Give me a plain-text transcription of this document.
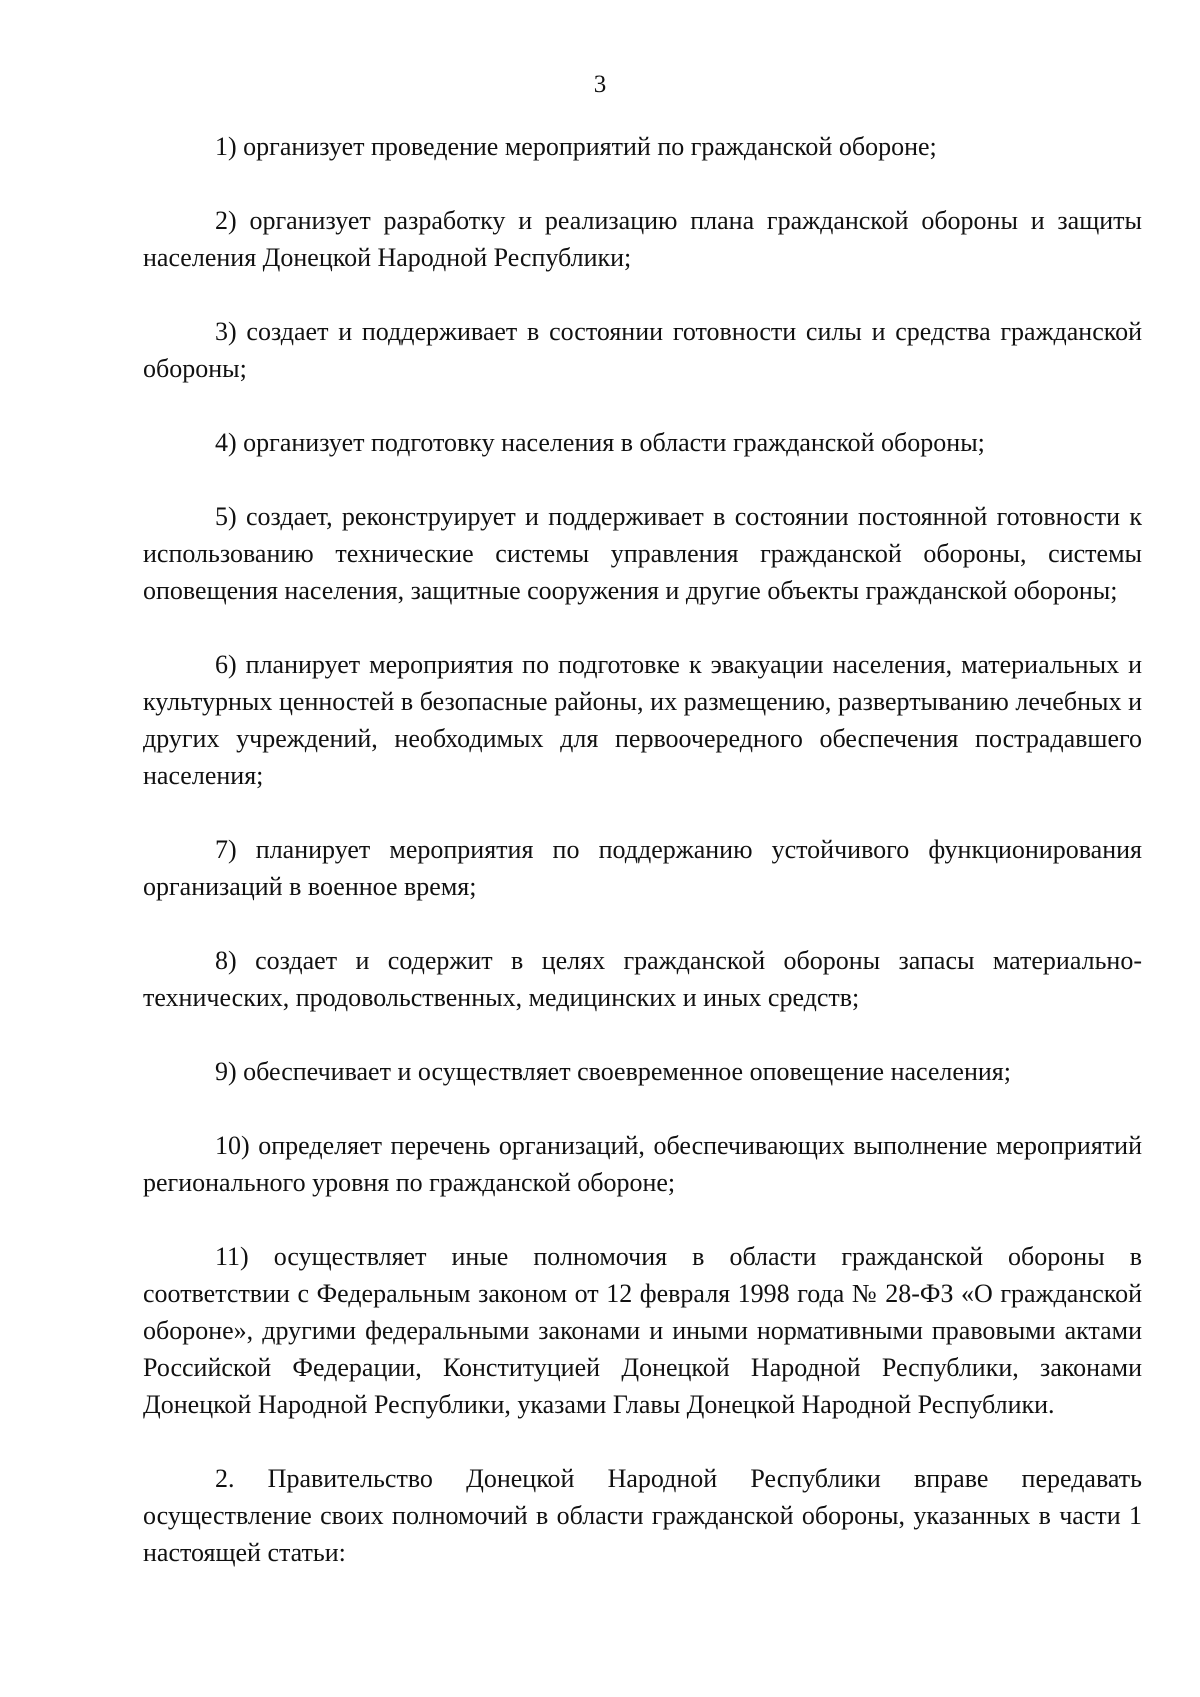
3

1) организует проведение мероприятий по гражданской обороне;

2) организует разработку и реализацию плана гражданской обороны и защиты населения Донецкой Народной Республики;

3) создает и поддерживает в состоянии готовности силы и средства гражданской обороны;

4) организует подготовку населения в области гражданской обороны;

5) создает, реконструирует и поддерживает в состоянии постоянной готовности к использованию технические системы управления гражданской обороны, системы оповещения населения, защитные сооружения и другие объекты гражданской обороны;

6) планирует мероприятия по подготовке к эвакуации населения, материальных и культурных ценностей в безопасные районы, их размещению, развертыванию лечебных и других учреждений, необходимых для первоочередного обеспечения пострадавшего населения;

7) планирует мероприятия по поддержанию устойчивого функционирования организаций в военное время;

8) создает и содержит в целях гражданской обороны запасы материально-технических, продовольственных, медицинских и иных средств;

9) обеспечивает и осуществляет своевременное оповещение населения;

10) определяет перечень организаций, обеспечивающих выполнение мероприятий регионального уровня по гражданской обороне;

11) осуществляет иные полномочия в области гражданской обороны в соответствии с Федеральным законом от 12 февраля 1998 года № 28-ФЗ «О гражданской обороне», другими федеральными законами и иными нормативными правовыми актами Российской Федерации, Конституцией Донецкой Народной Республики, законами Донецкой Народной Республики, указами Главы Донецкой Народной Республики.

2. Правительство Донецкой Народной Республики вправе передавать осуществление своих полномочий в области гражданской обороны, указанных в части 1 настоящей статьи:
